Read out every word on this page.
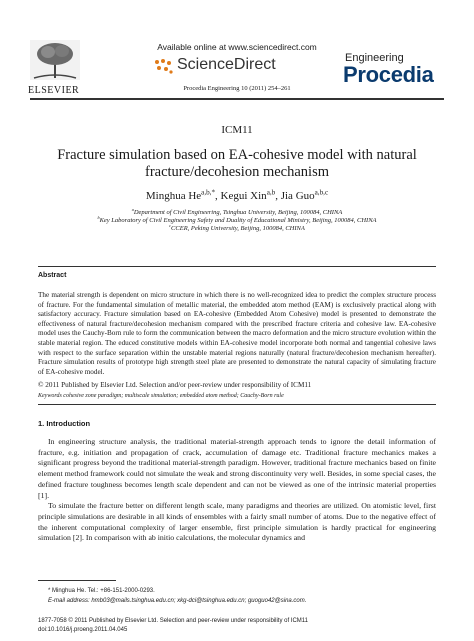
ELSEVIER
Available online at www.sciencedirect.com
ScienceDirect
Procedia Engineering 10 (2011) 254–261
Engineering
Procedia
ICM11
Fracture simulation based on EA-cohesive model with natural fracture/decohesion mechanism
Minghua $He^{a,b,*}$, Kegui Xin$^{a,b}$, Jia Guo$^{a,b,c}$
$^a$Department of Civil Engineering, Tsinghua University, Beijing, 100084, CHINA
$^b$Key Laboratory of Civil Engineering Safety and Duality of Educational Ministry, Beijing, 100084, CHINA
$^c$CCER, Peking University, Beijing, 100084, CHINA
Abstract
The material strength is dependent on micro structure in which there is no well-recognized idea to predict the complex structure process of fracture. For the fundamental simulation of metallic material, the embedded atom method (EAM) is exclusively practical along with satisfactory accuracy. Fracture simulation based on EA-cohesive (Embedded Atom Cohesive) model is presented to demonstrate the effectiveness of natural fracture/decohesion mechanism compared with the prescribed fracture criteria and cohesive law. EA-cohesive model uses the Cauchy-Born rule to form the communication between the macro deformation and the micro structure evolution within the stable material region. The educed constitutive models within EA-cohesive model incorporate both normal and tangential cohesive laws with respect to the surface separation within the unstable material regions naturally (natural fracture/decohesion mechanism hereafter). Fracture simulation results of prototype high strength steel plate are presented to demonstrate the natural capacity of simulating fracture of EA-cohesive model.
© 2011 Published by Elsevier Ltd. Selection and/or peer-review under responsibility of ICM11
Keywords cohesive zone paradigm; multiscale simulation; embedded atom method; Cauchy-Born rule
1. Introduction

In engineering structure analysis, the traditional material-strength approach tends to ignore the detail information of fracture, e.g. initiation and propagation of crack, accumulation of damage etc. Traditional fracture mechanics makes a significant progress beyond the traditional material-strength paradigm. However, traditional fracture mechanics based on finite element method framework could not simulate the weak and strong discontinuity very well. Besides, in some special cases, the defined fracture toughness becomes length scale dependent and can not be viewed as one of the intrinsic material properties [1].

To simulate the fracture better on different length scale, many paradigms and theories are utilized. On atomistic level, first principle simulations are desirable in all kinds of ensembles with a fairly small number of atoms. Due to the negative effect of the inherent computational complexity of larger ensemble, first principle simulation is hardly practical for engineering simulation [2]. In comparison with ab initio calculations, the molecular dynamics and

* Minghua He. Tel.: +86-151-2000-0293.
E-mail address: hmb03@mails.tsinghua.edu.cn; xkg-dci@tsinghua.edu.cn; guoguo42@sina.com.
1877-7058 © 2011 Published by Elsevier Ltd. Selection and peer-review under responsibility of ICM11
doi:10.1016/j.proeng.2011.04.045
